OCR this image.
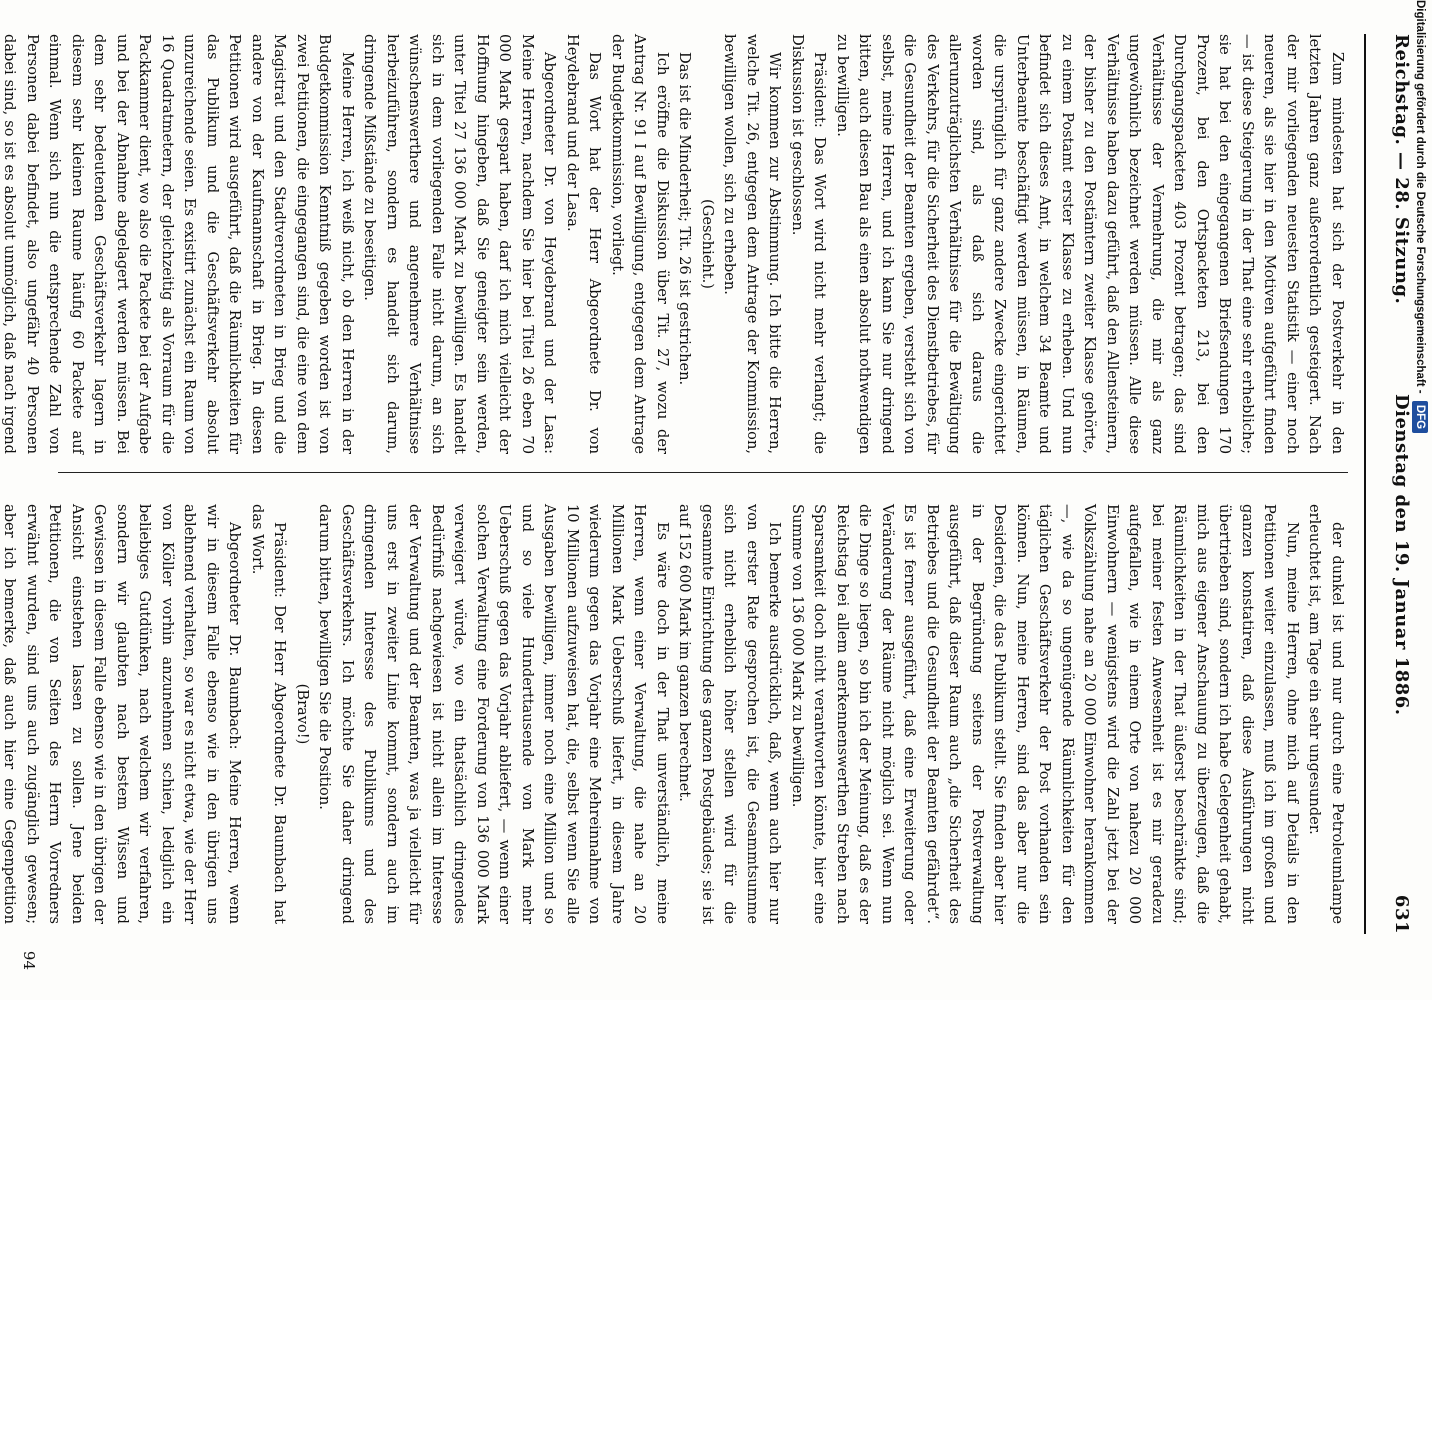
Reichstag. — 28. Sitzung.
Dienstag den 19. Januar 1886.
631

Zum mindesten hat sich der Postverkehr in den letzten Jahren ganz außerordentlich gesteigert. Nach der mir vorliegenden neuesten Statistik — einer noch neueren, als sie hier in den Motiven aufgeführt finden — ist diese Steigerung in der That eine sehr erhebliche; sie hat bei den eingegangenen Briefsendungen 170 Prozent, bei den Ortspacketen 213, bei den Durchgangspacketen 403 Prozent betragen; das sind Verhältnisse der Vermehrung, die mir als ganz ungewöhnlich bezeichnet werden müssen. Alle diese Verhältnisse haben dazu geführt, daß den Allensteinern, der bisher zu den Postämtern zweiter Klasse gehörte, zu einem Postamt erster Klasse zu erheben. Und nun befindet sich dieses Amt, in welchem 34 Beamte und Unterbeamte beschäftigt werden müssen, in Räumen, die ursprünglich für ganz andere Zwecke eingerichtet worden sind, als daß sich daraus die allerunzuträglichsten Verhältnisse für die Bewältigung des Verkehrs, für die Sicherheit des Dienstbetriebes, für die Gesundheit der Beamten ergeben, versteht sich von selbst, meine Herren, und ich kann Sie nur dringend bitten, auch diesen Bau als einen absolut nothwendigen zu bewilligen.

Präsident: Das Wort wird nicht mehr verlangt; die Diskussion ist geschlossen.

Wir kommen zur Abstimmung. Ich bitte die Herren, welche Tit. 26, entgegen dem Antrage der Kommission, bewilligen wollen, sich zu erheben.

(Geschieht.)

Das ist die Minderheit; Tit. 26 ist gestrichen.

Ich eröffne die Diskussion über Tit. 27, wozu der Antrag Nr. 91 I auf Bewilligung, entgegen dem Antrage der Budgetkommission, vorliegt.

Das Wort hat der Herr Abgeordnete Dr. von Heydebrand und der Lasa.

Abgeordneter Dr. von Heydebrand und der Lasa: Meine Herren, nachdem Sie hier bei Titel 26 eben 70 000 Mark gespart haben, darf ich mich vielleicht der Hoffnung hingeben, daß Sie geneigter sein werden, unter Titel 27 136 000 Mark zu bewilligen. Es handelt sich in dem vorliegenden Falle nicht darum, an sich wünschenswerthere und angenehmere Verhältnisse herbeizuführen, sondern es handelt sich darum, dringende Mißstände zu beseitigen.

Meine Herren, ich weiß nicht, ob den Herren in der Budgetkommission Kenntniß gegeben worden ist von zwei Petitionen, die eingegangen sind, die eine von dem Magistrat und den Stadtverordneten in Brieg und die andere von der Kaufmannschaft in Brieg. In diesen Petitionen wird ausgeführt, daß die Räumlichkeiten für das Publikum und die Geschäftsverkehr absolut unzureichende seien. Es existirt zunächst ein Raum von 16 Quadratmetern, der gleichzeitig als Vorraum für die Packkammer dient, wo also die Packete bei der Aufgabe und bei der Abnahme abgelagert werden müssen. Bei dem sehr bedeutenden Geschäftsverkehr lagern in diesem sehr kleinen Raume häufig 60 Packete auf einmal. Wenn sich nun die entsprechende Zahl von Personen dabei befindet, also ungefähr 40 Personen dabei sind, so ist es absolut unmöglich, daß nach irgend

der dunkel ist und nur durch eine Petroleumlampe erleuchtet ist, am Tage ein sehr ungesunder.

Nun, meine Herren, ohne mich auf Details in den Petitionen weiter einzulassen, muß ich im großen und ganzen konstatiren, daß diese Ausführungen nicht übertrieben sind, sondern ich habe Gelegenheit gehabt, mich aus eigener Anschauung zu überzeugen, daß die Räumlichkeiten in der That äußerst beschränkte sind; bei meiner festen Anwesenheit ist es mir geradezu aufgefallen, wie in einem Orte von nahezu 20 000 Einwohnern — wenigstens wird die Zahl jetzt bei der Volkszählung nahe an 20 000 Einwohner herankommen —, wie da so ungenügende Räumlichkeiten für den täglichen Geschäftsverkehr der Post vorhanden sein können. Nun, meine Herren, sind das aber nur die Desiderien, die das Publikum stellt. Sie finden aber hier in der Begründung seitens der Postverwaltung ausgeführt, daß dieser Raum auch „die Sicherheit des Betriebes und die Gesundheit der Beamten gefährdet“. Es ist ferner ausgeführt, daß eine Erweiterung oder Veränderung der Räume nicht möglich sei. Wenn nun die Dinge so liegen, so bin ich der Meinung, daß es der Reichstag bei allem anerkennenswerthen Streben nach Sparsamkeit doch nicht verantworten könnte, hier eine Summe von 136 000 Mark zu bewilligen.

Ich bemerke ausdrücklich, daß, wenn auch hier nur von erster Rate gesprochen ist, die Gesammtsumme sich nicht erheblich höher stellen wird für die gesammte Einrichtung des ganzen Postgebäudes; sie ist auf 152 600 Mark im ganzen berechnet.

Es wäre doch in der That unverständlich, meine Herren, wenn einer Verwaltung, die nahe an 20 Millionen Mark Ueberschuß liefert, in diesem Jahre wiederum gegen das Vorjahr eine Mehreinnahme von 10 Millionen aufzuweisen hat, die, selbst wenn Sie alle Ausgaben bewilligen, immer noch eine Million und so und so viele Hunderttausende von Mark mehr Ueberschuß gegen das Vorjahr abliefert, — wenn einer solchen Verwaltung eine Forderung von 136 000 Mark verweigert würde, wo ein thatsächlich dringendes Bedürfniß nachgewiesen ist nicht allein im Interesse der Verwaltung und der Beamten, was ja vielleicht für uns erst in zweiter Linie kommt, sondern auch im dringenden Interesse des Publikums und des Geschäftsverkehrs. Ich möchte Sie daher dringend darum bitten, bewilligen Sie die Position.

(Bravo!)

Präsident: Der Herr Abgeordnete Dr. Baumbach hat das Wort.

Abgeordneter Dr. Baumbach: Meine Herren, wenn wir in diesem Falle ebenso wie in den übrigen uns ablehnend verhalten, so war es nicht etwa, wie der Herr von Köller vorhin anzunehmen schien, lediglich ein beliebiges Gutdünken, nach welchem wir verfahren, sondern wir glaubten nach bestem Wissen und Gewissen in diesem Falle ebenso wie in den übrigen der Ansicht einstehen lassen zu sollen. Jene beiden Petitionen, die von Seiten des Herrn Vorredners erwähnt wurden, sind uns auch zugänglich gewesen; aber ich bemerke, daß auch hier eine Gegenpetition

94
Digitalisierung gefördert durch die Deutsche Forschungsgemeinschaft - DFG
